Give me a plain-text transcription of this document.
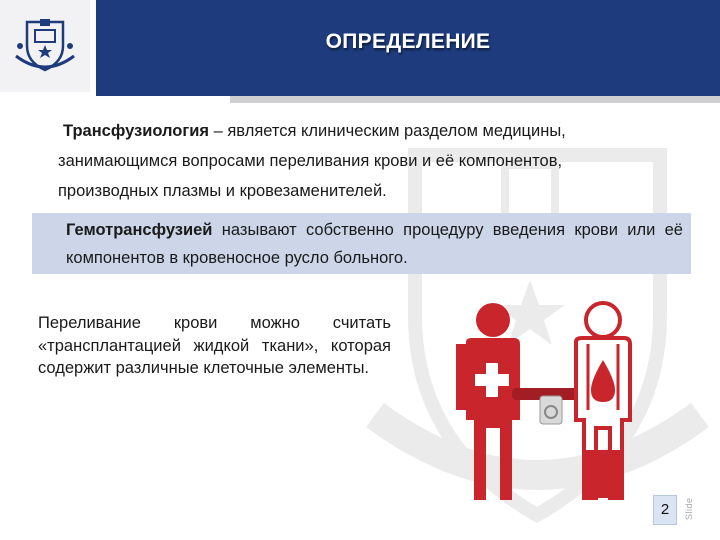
ОПРЕДЕЛЕНИЕ
Трансфузиология – является клиническим разделом медицины,
занимающимся вопросами переливания крови и её компонентов,
производных плазмы и кровезаменителей.
Гемотрансфузией называют собственно процедуру введения крови или её компонентов в кровеносное русло больного.
Переливание крови можно считать «трансплантацией жидкой ткани», которая содержит различные клеточные элементы.
2	Slide
